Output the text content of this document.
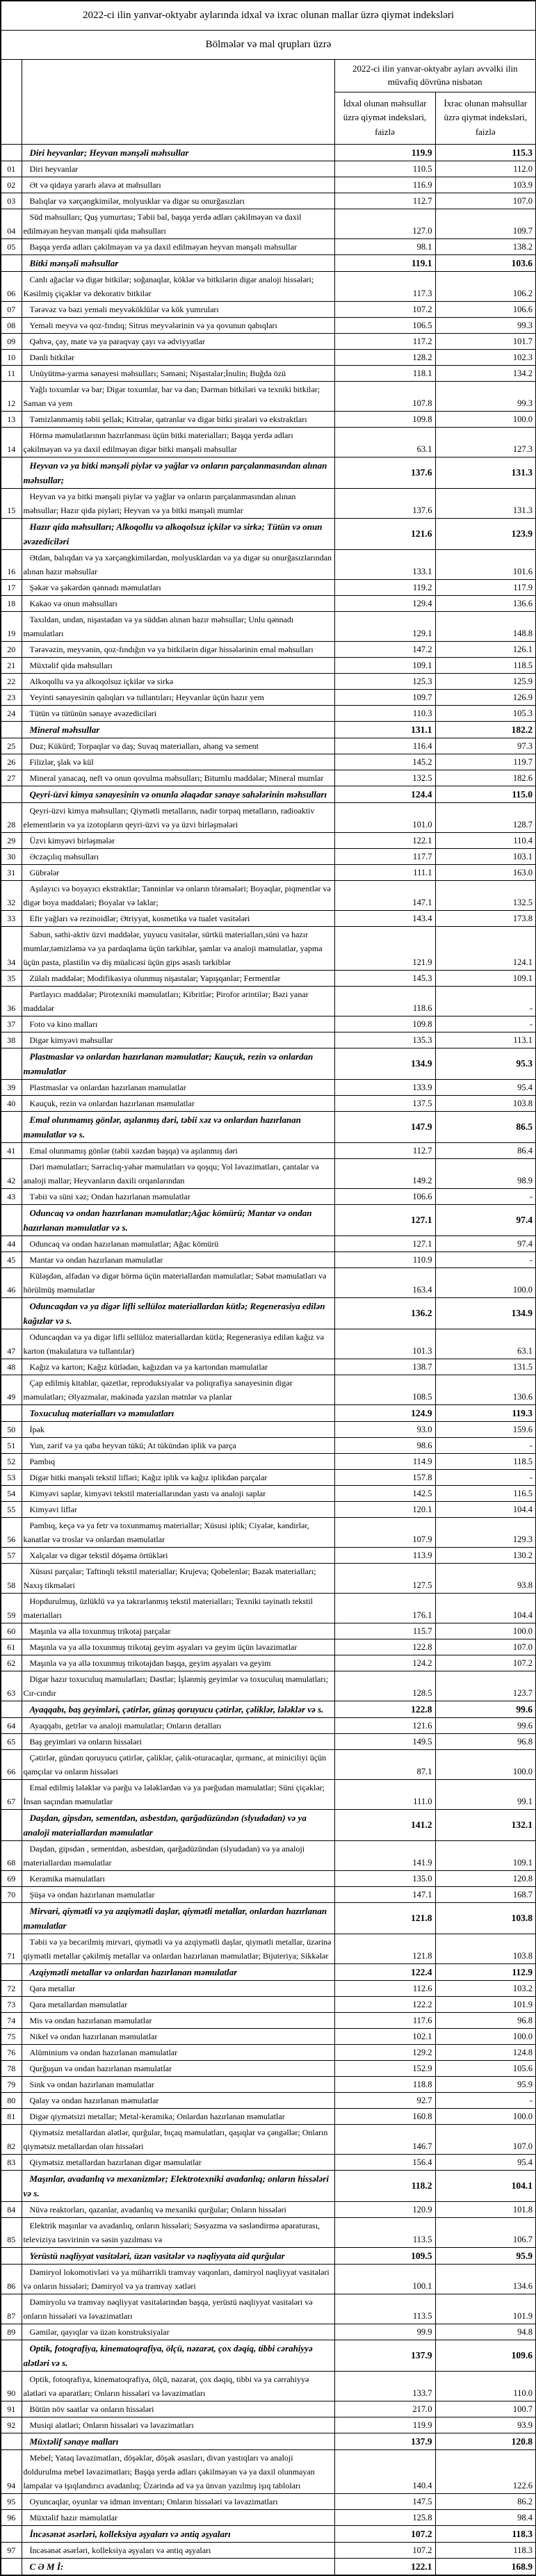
2022-ci ilin yanvar-oktyabr aylarında idxal və ixrac olunan mallar üzrə qiymət indeksləri			
Bölmələr və mal qrupları üzrə			
		2022-ci ilin yanvar-oktyabr ayları əvvəlki ilin müvafiq dövrünə nisbətən	
		İdxal olunan məhsullar üzrə qiymət indeksləri, faizlə	İxrac olunan məhsullar üzrə qiymət indeksləri, faizlə
	Diri heyvanlar; Heyvan mənşəli məhsullar	119.9	115.3
01	Diri heyvanlar	110.5	112.0
02	Ət və qidaya yararlı əlavə ət məhsulları	116.9	103.9
03	Balıqlar və xərçəngkimilər, molyusklar və digər su onurğasızları	112.7	107.0
04	Süd məhsulları; Quş yumurtası; Təbii bal, başqa yerdə adları çəkilməyən və daxil edilməyən heyvan mənşəli qida məhsulları	127.0	109.7
05	Başqa yerdə adları çəkilməyən və ya daxil edilməyən heyvan mənşəli məhsullar	98.1	138.2
	Bitki mənşəli məhsullar	119.1	103.6
06	Canlı ağaclar və digər bitkilər; soğanaqlar, köklər və bitkilərin digər analoji hissələri; Kəsilmiş çiçəklər və dekorativ bitkilər	117.3	106.2
07	Tərəvəz və bəzi yeməli meyvəköklülər və kök yumruları	107.2	106.6
08	Yeməli meyvə və qoz-fındıq; Sitrus meyvələrinin və ya qovunun qabıqları	106.5	99.3
09	Qəhvə, çay, mate və ya paraqvay çayı və ədviyyatlar	117.2	101.7
10	Dənli bitkilər	128.2	102.3
11	Unüyütmə-yarma sənayesi məhsulları; Səməni; Nişastalar;İnulin; Buğda özü	118.1	134.2
12	Yağlı toxumlar və bar; Digər toxumlar, bar və dən; Dərman bitkiləri və texniki bitkilər; Saman və yem	107.8	99.3
13	Təmizlənməmiş təbii şellak; Kitrələr, qatranlar və digər bitki şirələri və ekstraktları	109.8	100.0
14	Hörmə məmulatlarının hazırlanması üçün bitki materialları; Başqa yerdə adları çəkilməyən və ya daxil edilməyən digər bitki mənşəli məhsullar	63.1	127.3
	Heyvan və ya bitki mənşəli piylər və yağlar və onların parçalanmasından alınan məhsullar;	137.6	131.3
15	Heyvan və ya bitki mənşəli piylər və yağlar və onların parçalanmasından alınan məhsullar; Hazır qida piyləri; Heyvan və ya bitki mənşəli mumlar	137.6	131.3
	Hazır qida məhsulları; Alkoqollu və alkoqolsuz içkilər və sirkə; Tütün və onun əvəzediciləri	121.6	123.9
16	Ətdən, balıqdan və ya xərçəngkimilərdən, molyusklardan və ya digər su onurğasızlarından alınan hazır məhsullar	133.1	101.6
17	Şəkər və şəkərdən qənnadı məmulatları	119.2	117.9
18	Kakao və onun məhsulları	129.4	136.6
19	Taxıldan, undan, nişastadan və ya süddən alınan hazır məhsullar; Unlu qənnadı məmulatları	129.1	148.8
20	Tərəvəzin, meyvənin, qoz-fındığın və ya bitkilərin digər hissələrinin emal məhsulları	147.2	126.1
21	Müxtəlif qida məhsulları	109.1	118.5
22	Alkoqollu və ya alkoqolsuz içkilər və sirkə	125.3	125.9
23	Yeyinti sənayesinin qalıqları və tullantıları; Heyvanlar üçün hazır yem	109.7	126.9
24	Tütün və tütünün sənaye əvəzediciləri	110.3	105.3
	Mineral məhsullar	131.1	182.2
25	Duz; Kükürd; Torpaqlar və daş; Suvaq materialları, əhəng və sement	116.4	97.3
26	Filizlər, şlak və kül	145.2	119.7
27	Mineral yanacaq, neft və onun qovulma məhsulları; Bitumlu maddələr; Mineral mumlar	132.5	182.6
	Qeyri-üzvi kimya sənayesinin və onunla əlaqədar sənaye sahələrinin məhsulları	124.4	115.0
28	Qeyri-üzvi kimya məhsulları; Qiymətli metalların, nadir torpaq metalların, radioaktiv elementlərin və ya izotopların qeyri-üzvi və ya üzvi birləşmələri	101.0	128.7
29	Üzvi kimyəvi birləşmələr	122.1	110.4
30	Əczaçılıq məhsulları	117.7	103.1
31	Gübrələr	111.1	163.0
32	Aşılayıcı və boyayıcı ekstraktlar; Tanninlər və onların törəmələri; Boyaqlar, piqmentlər və digər boya maddələri; Boyalar və laklar;	147.1	132.5
33	Efir yağları və rezinoidlər; Ətriyyat, kosmetika və tualet vasitələri	143.4	173.8
34	Sabun, səthi-aktiv üzvi maddələr, yuyucu vasitələr, sürtkü materialları,süni və hazır mumlar,təmizləmə və ya pardaqlama üçün tərkiblər, şamlar və analoji məmulatlar, yapma üçün pasta, plastilin və diş müalicəsi üçün gips əsaslı tərkiblər	121.9	124.1
35	Zülalı maddələr; Modifikasiya olunmuş nişastalar; Yapışqanlar; Fermentlər	145.3	109.1
36	Partlayıcı maddələr; Pirotexniki məmulatları; Kibritlər; Pirofor ərintilər; Bəzi yanar maddələr	118.6	-
37	Foto və kino malları	109.8	-
38	Digər kimyəvi məhsullar	135.3	113.1
	Plastmaslar və onlardan hazırlanan məmulatlar; Kauçuk, rezin və onlardan məmulatlar	134.9	95.3
39	Plastmaslar və onlardan hazırlanan məmulatlar	133.9	95.4
40	Kauçuk, rezin və onlardan hazırlanan məmulatlar	137.5	103.8
	Emal olunmamış gönlər, aşılanmış dəri, təbii xəz və onlardan hazırlanan məmulatlar və s.	147.9	86.5
41	Emal olunmamış gönlər (təbii xəzdən başqa) və aşılanmış dəri	112.7	86.4
42	Dəri məmulatları; Sərraclıq-yəhər məmulatları və qoşqu; Yol ləvazimatları, çantalar və analoji mallar; Heyvanların daxili orqanlarından	149.2	98.9
43	Təbii və süni xəz; Ondan hazırlanan məmulatlar	106.6	-
	Oduncaq və ondan hazırlanan məmulatlar;Ağac kömürü; Mantar və ondan hazırlanan məmulatlar və s.	127.1	97.4
44	Oduncaq və ondan hazırlanan məmulatlar; Ağac kömürü	127.1	97.4
45	Mantar və ondan hazırlanan məmulatlar	110.9	-
46	Küləşdən, alfadan və digər hörmə üçün materiallardan məmulatlar; Səbət məmulatları və hörülmüş məmulatlar	163.4	100.0
	Oduncaqdan və ya digər lifli sellüloz materiallardan kütlə; Regenerasiya edilən kağızlar və s.	136.2	134.9
47	Oduncaqdan və ya digər lifli sellüloz materiallardan kütlə; Regenerasiya edilən kağız və karton (makulatura və tullantılar)	101.3	63.1
48	Kağız və karton; Kağız kütlədən, kağızdan və ya kartondan məmulatlar	138.7	131.5
49	Çap edilmiş kitablar, qəzetlər, reproduksiyalar və poliqrafiya sənayesinin digər məmulatları; Əlyazmalar, makinada yazılan mətnlər və planlar	108.5	130.6
	Toxuculuq materialları və məmulatları	124.9	119.3
50	İpək	93.0	159.6
51	Yun, zərif və ya qaba heyvan tükü; At tükündən iplik və parça	98.6	-
52	Pambıq	114.9	118.5
53	Digər bitki mənşəli tekstil lifləri; Kağız iplik və kağız iplikdən parçalar	157.8	-
54	Kimyəvi saplar, kimyəvi tekstil materiallarından yastı və analoji saplar	142.5	116.5
55	Kimyəvi liflər	120.1	104.4
56	Pambıq, keçə və ya fetr və toxunmamış materiallar; Xüsusi iplik; Ciyələr, kəndirlər, kanatlar və troslar və onlardan məmulatlar	107.9	129.3
57	Xalçalar və digər tekstil döşəmə örtükləri	113.9	130.2
58	Xüsusi parçalar; Taftinqli tekstil materiallar; Krujeva; Qobelenlər; Bəzək materialları; Naxış tikmələri	127.5	93.8
59	Hopdurulmuş, üzlüklü və ya təkrarlanmış tekstil materialları; Texniki təyinatlı tekstil materialları	176.1	104.4
60	Maşınla və əllə toxunmuş trikotaj parçalar	115.7	100.0
61	Maşınla və ya əllə toxunmuş trikotaj geyim əşyaları və geyim üçün ləvazimatlar	122.8	107.0
62	Maşınla və ya əllə toxunmuş trikotajdan başqa, geyim əşyaları və geyim	124.2	107.2
63	Digər hazır toxuculuq məmulatları; Dəstlər; İşlənmiş geyimlər və toxuculuq məmulatları; Cır-cındır	128.5	123.7
	Ayaqqabı, baş geyimləri, çətirlər, günəş qoruyucu çətirlər, çəliklər, lələklər və s.	122.8	99.6
64	Ayaqqabı, getrlər və analoji məmulatlar; Onların detalları	121.6	99.6
65	Baş geyimləri və onların hissələri	149.5	96.8
66	Çətirlər, gündən qoruyucu çətirlər, çəliklər, çəlik-oturacaqlar, qırmanc, at miniciliyi üçün qamçılar və onların hissələri	87.1	100.0
67	Emal edilmiş lələklər və pərğu və lələklərdən və ya pərğudan məmulatlar; Süni çiçəklər; İnsan saçından məmulatlar	111.0	99.1
	Daşdan, gipsdən, sementdən, asbestdən, qarğadüzündən (slyudadan) və ya analoji materiallardan məmulatlar	141.2	132.1
68	Daşdan, gipsdən , sementdən, asbestdən, qarğadüzündən (slyudadan) və ya analoji materiallardan məmulatlar	141.9	109.1
69	Keramika məmulatları	135.0	120.8
70	Şüşə və ondan hazırlanan məmulatlar	147.1	168.7
	Mirvari, qiymətli və ya azqiymətli daşlar, qiymətli metallar, onlardan hazırlanan məmulatlar	121.8	103.8
71	Təbii və ya becərilmiş mirvari, qiymətli və ya azqiymətli daşlar, qiymətli metallar, üzərinə qiymətli metallar çəkilmiş metallar və onlardan hazırlanan məmulatlar; Bijuteriya; Sikkələr	121.8	103.8
	Azqiymətli metallar və onlardan hazırlanan məmulatlar	122.4	112.9
72	Qara metallar	112.6	103.2
73	Qara metallardan məmulatlar	122.2	101.9
74	Mis və ondan hazırlanan məmulatlar	117.6	96.8
75	Nikel və ondan hazırlanan məmulatlar	102.1	100.0
76	Alüminium və ondan hazırlanan məmulatlar	129.2	124.8
78	Qurğuşun və ondan hazırlanan məmulatlar	152.9	105.6
79	Sink və ondan hazırlanan məmulatlar	118.8	95.9
80	Qalay və ondan hazırlanan məmulatlar	92.7	-
81	Digər qiymətsizi metallar; Metal-keramika; Onlardan hazırlanan məmulatlar	160.8	100.0
82	Qiymətsiz metallardan alətlər, qurğular, bıçaq məmulatları, qaşıqlar və çəngəllər; Onların qiymətsiz metallardan olan hissələri	146.7	107.0
83	Qiymətsiz metallardan hazırlanan digər məmulatlar	156.4	95.4
	Maşınlar, avadanlıq və mexanizmlər; Elektrotexniki avadanlıq; onların hissələri və s.	118.2	104.1
84	Nüvə reaktorları, qazanlar, avadanlıq və mexaniki qurğular; Onların hissələri	120.9	101.8
85	Elektrik maşınlar və avadanlıq, onların hissələri; Səsyazma və səsləndirmə aparaturası, televiziya təsvirinin və səsin yazılması və	113.5	106.7
	Yerüstü nəqliyyat vasitələri, üzən vasitələr və nəqliyyata aid qurğular	109.5	95.9
86	Dəmiryol lokomotivləri və ya mühərrikli tramvay vaqonları, dəmiryol nəqliyyat vasitələri və onların hissələri; Dəmiryol və ya tramvay xətləri	100.1	134.6
87	Dəmiryolu və tramvay nəqliyyat vasitələrindən başqa, yerüstü nəqliyyat vasitələri və onların hissələri və ləvazimatları	113.5	101.9
89	Gəmilər, qayıqlar və üzən konstruksiyalar	99.9	94.8
	Optik, fotoqrafiya, kinematoqrafiya, ölçü, nəzarət, çox dəqiq, tibbi cərahiyyə alətləri və s.	137.9	109.6
90	Optik, fotoqrafiya, kinematoqrafiya, ölçü, nəzarət, çox dəqiq, tibbi və ya cərrahiyyə alətləri və aparatları; Onların hissələri və ləvazimatları	133.7	110.0
91	Bütün növ saatlar və onların hissələri	217.0	100.7
92	Musiqi alətləri; Onların hissələri və ləvazimatları	119.9	93.9
	Müxtəlif sənaye malları	137.9	120.8
94	Mebel; Yataq ləvazimatları, döşəklər, döşək əsasları, divan yastıqları və analoji doldurulma mebel ləvazimatları; Başqa yerdə adları çəkilməyən və ya daxil olunmayan lampalar və işıqlandırıcı avadanlıq; Üzərində ad və ya ünvan yazılmış işıq tabloları	140.4	122.6
95	Oyuncaqlar, oyunlar və idman inventarı; Onların hissələri və ləvazimatları	147.5	86.2
96	Müxtəlif hazır məmulatlar	125.8	98.4
	İncəsənət əsərləri, kolleksiya əşyaları və əntiq əşyaları	107.2	118.3
97	İncəsənət əsərləri, kolleksiya əşyaları və əntiq əşyaları	107.2	118.3
	C Ə M İ:	122.1	168.9
